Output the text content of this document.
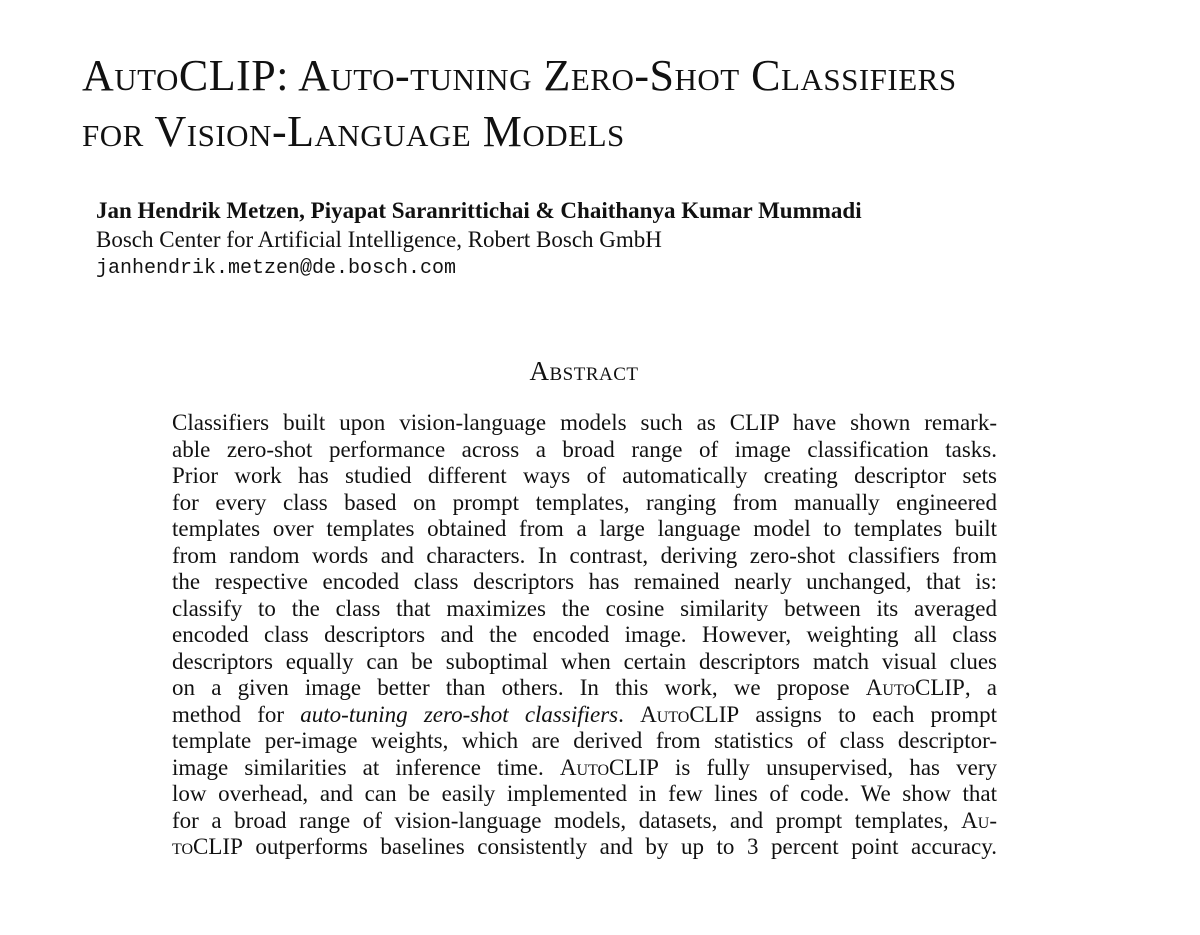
AutoCLIP: Auto-tuning Zero-Shot Classifiers
for Vision-Language Models

Jan Hendrik Metzen, Piyapat Saranrittichai & Chaithanya Kumar Mummadi

Bosch Center for Artificial Intelligence, Robert Bosch GmbH
janhendrik.metzen@de.bosch.com
Abstract
Classifiers built upon vision-language models such as CLIP have shown remark-
able zero-shot performance across a broad range of image classification tasks.
Prior work has studied different ways of automatically creating descriptor sets
for every class based on prompt templates, ranging from manually engineered
templates over templates obtained from a large language model to templates built
from random words and characters. In contrast, deriving zero-shot classifiers from
the respective encoded class descriptors has remained nearly unchanged, that is:
classify to the class that maximizes the cosine similarity between its averaged
encoded class descriptors and the encoded image. However, weighting all class
descriptors equally can be suboptimal when certain descriptors match visual clues
on a given image better than others. In this work, we propose AutoCLIP, a
method for auto-tuning zero-shot classifiers. AutoCLIP assigns to each prompt
template per-image weights, which are derived from statistics of class descriptor-
image similarities at inference time. AutoCLIP is fully unsupervised, has very
low overhead, and can be easily implemented in few lines of code. We show that
for a broad range of vision-language models, datasets, and prompt templates, Au-
toCLIP outperforms baselines consistently and by up to 3 percent point accuracy.
